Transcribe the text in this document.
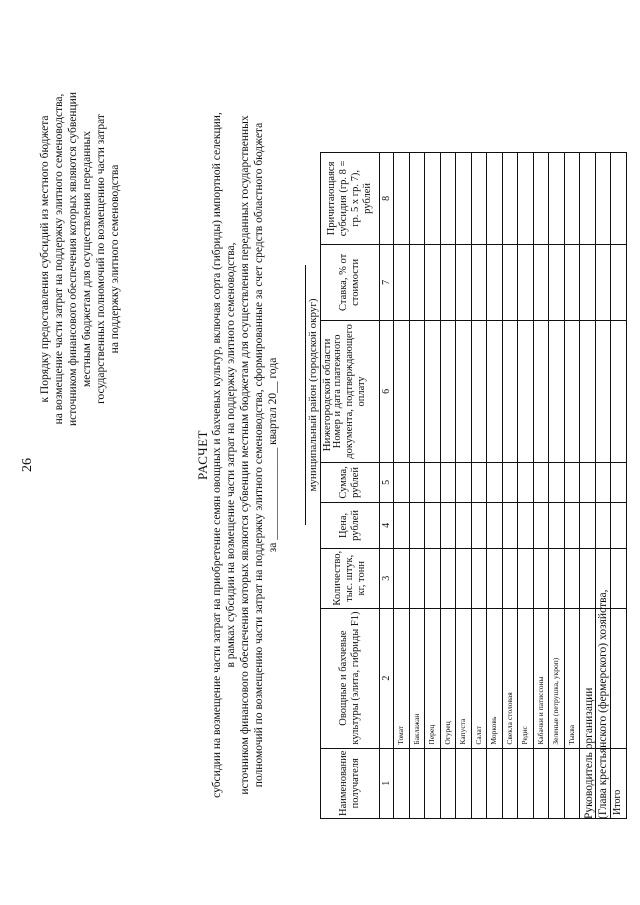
26
к Порядку предоставления субсидий из местного бюджета на возмещение части затрат на поддержку элитного семеноводства, источником финансового обеспечения которых являются субвенции местным бюджетам для осуществления переданных государственных полномочий по возмещению части затрат на поддержку элитного семеноводства
РАСЧЕТ субсидии на возмещение части затрат на приобретение семян овощных и бахчевых культур, включая сорта (гибриды) импортной селекции, в рамках субсидии на возмещение части затрат на поддержку элитного семеноводства, источником финансового обеспечения которых являются субвенции местным бюджетам для осуществления переданных государственных полномочий по возмещению части затрат на поддержку элитного семеноводства, сформированные за счет средств областного бюджета за ________________ квартал 20__ года	муниципальный район (городской округ) Нижегородской области
Наименование получателя	Овощные и бахчевые культуры (элита, гибриды F1)	Количество, тыс. штук, кг, тонн	Цена, рублей	Сумма, рублей	Номер и дата платежного документа, подтверждающего оплату	Ставка, % от стоимости	Причитающаяся субсидия (гр. 8 = гр. 5 x гр. 7), рублей
1	2	3	4	5	6	7	8
	Томат						
	Баклажан						
	Перец						
	Огурец						
	Капуста						
	Салат						
	Морковь						
	Свекла столовая						
	Редис						
	Кабачки и патиссоны						
	Зеленые (петрушка, укроп)						
	Тыква						

Итого							
Руководитель организации (Глава крестьянского (фермерского) хозяйства,
